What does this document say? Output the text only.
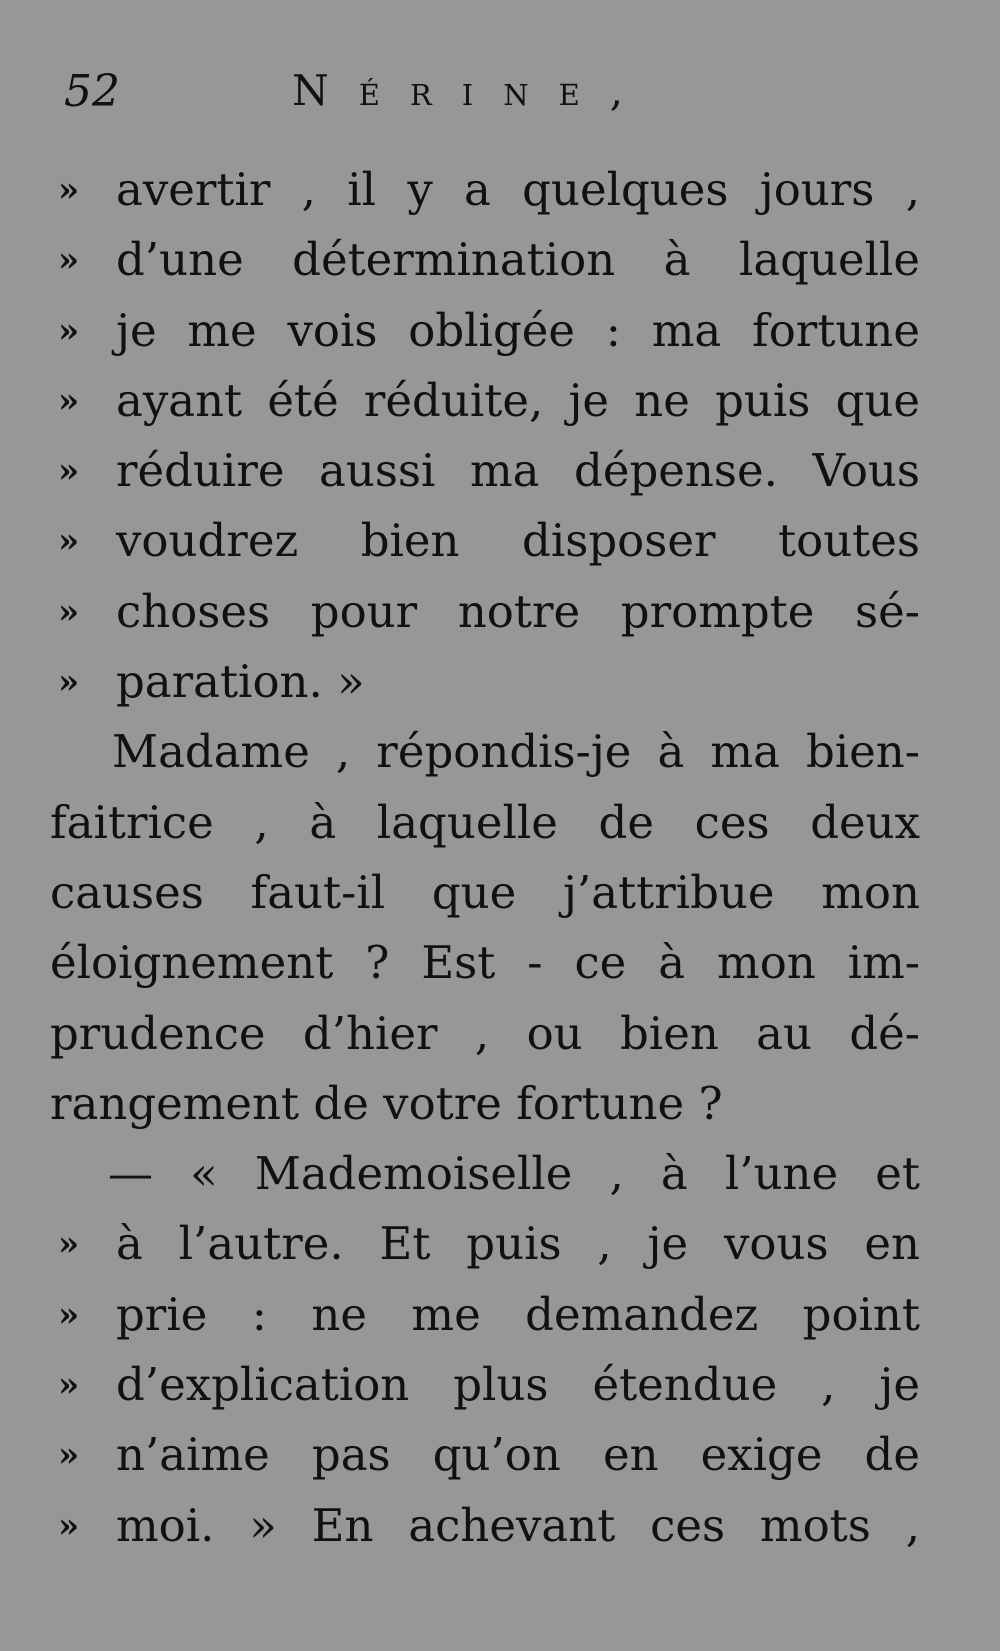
52	Nérine,
» avertir , il y a quelques jours ,
» d’une détermination à laquelle
» je me vois obligée : ma fortune
» ayant été réduite, je ne puis que
» réduire aussi ma dépense. Vous
» voudrez bien disposer toutes
» choses pour notre prompte sé-
» paration. »
Madame , répondis-je à ma bien-
faitrice , à laquelle de ces deux
causes faut-il que j’attribue mon
éloignement ? Est - ce à mon im-
prudence d’hier , ou bien au dé-
rangement de votre fortune ?
— « Mademoiselle , à l’une et
» à l’autre. Et puis , je vous en
» prie : ne me demandez point
» d’explication plus étendue , je
» n’aime pas qu’on en exige de
» moi. » En achevant ces mots ,
